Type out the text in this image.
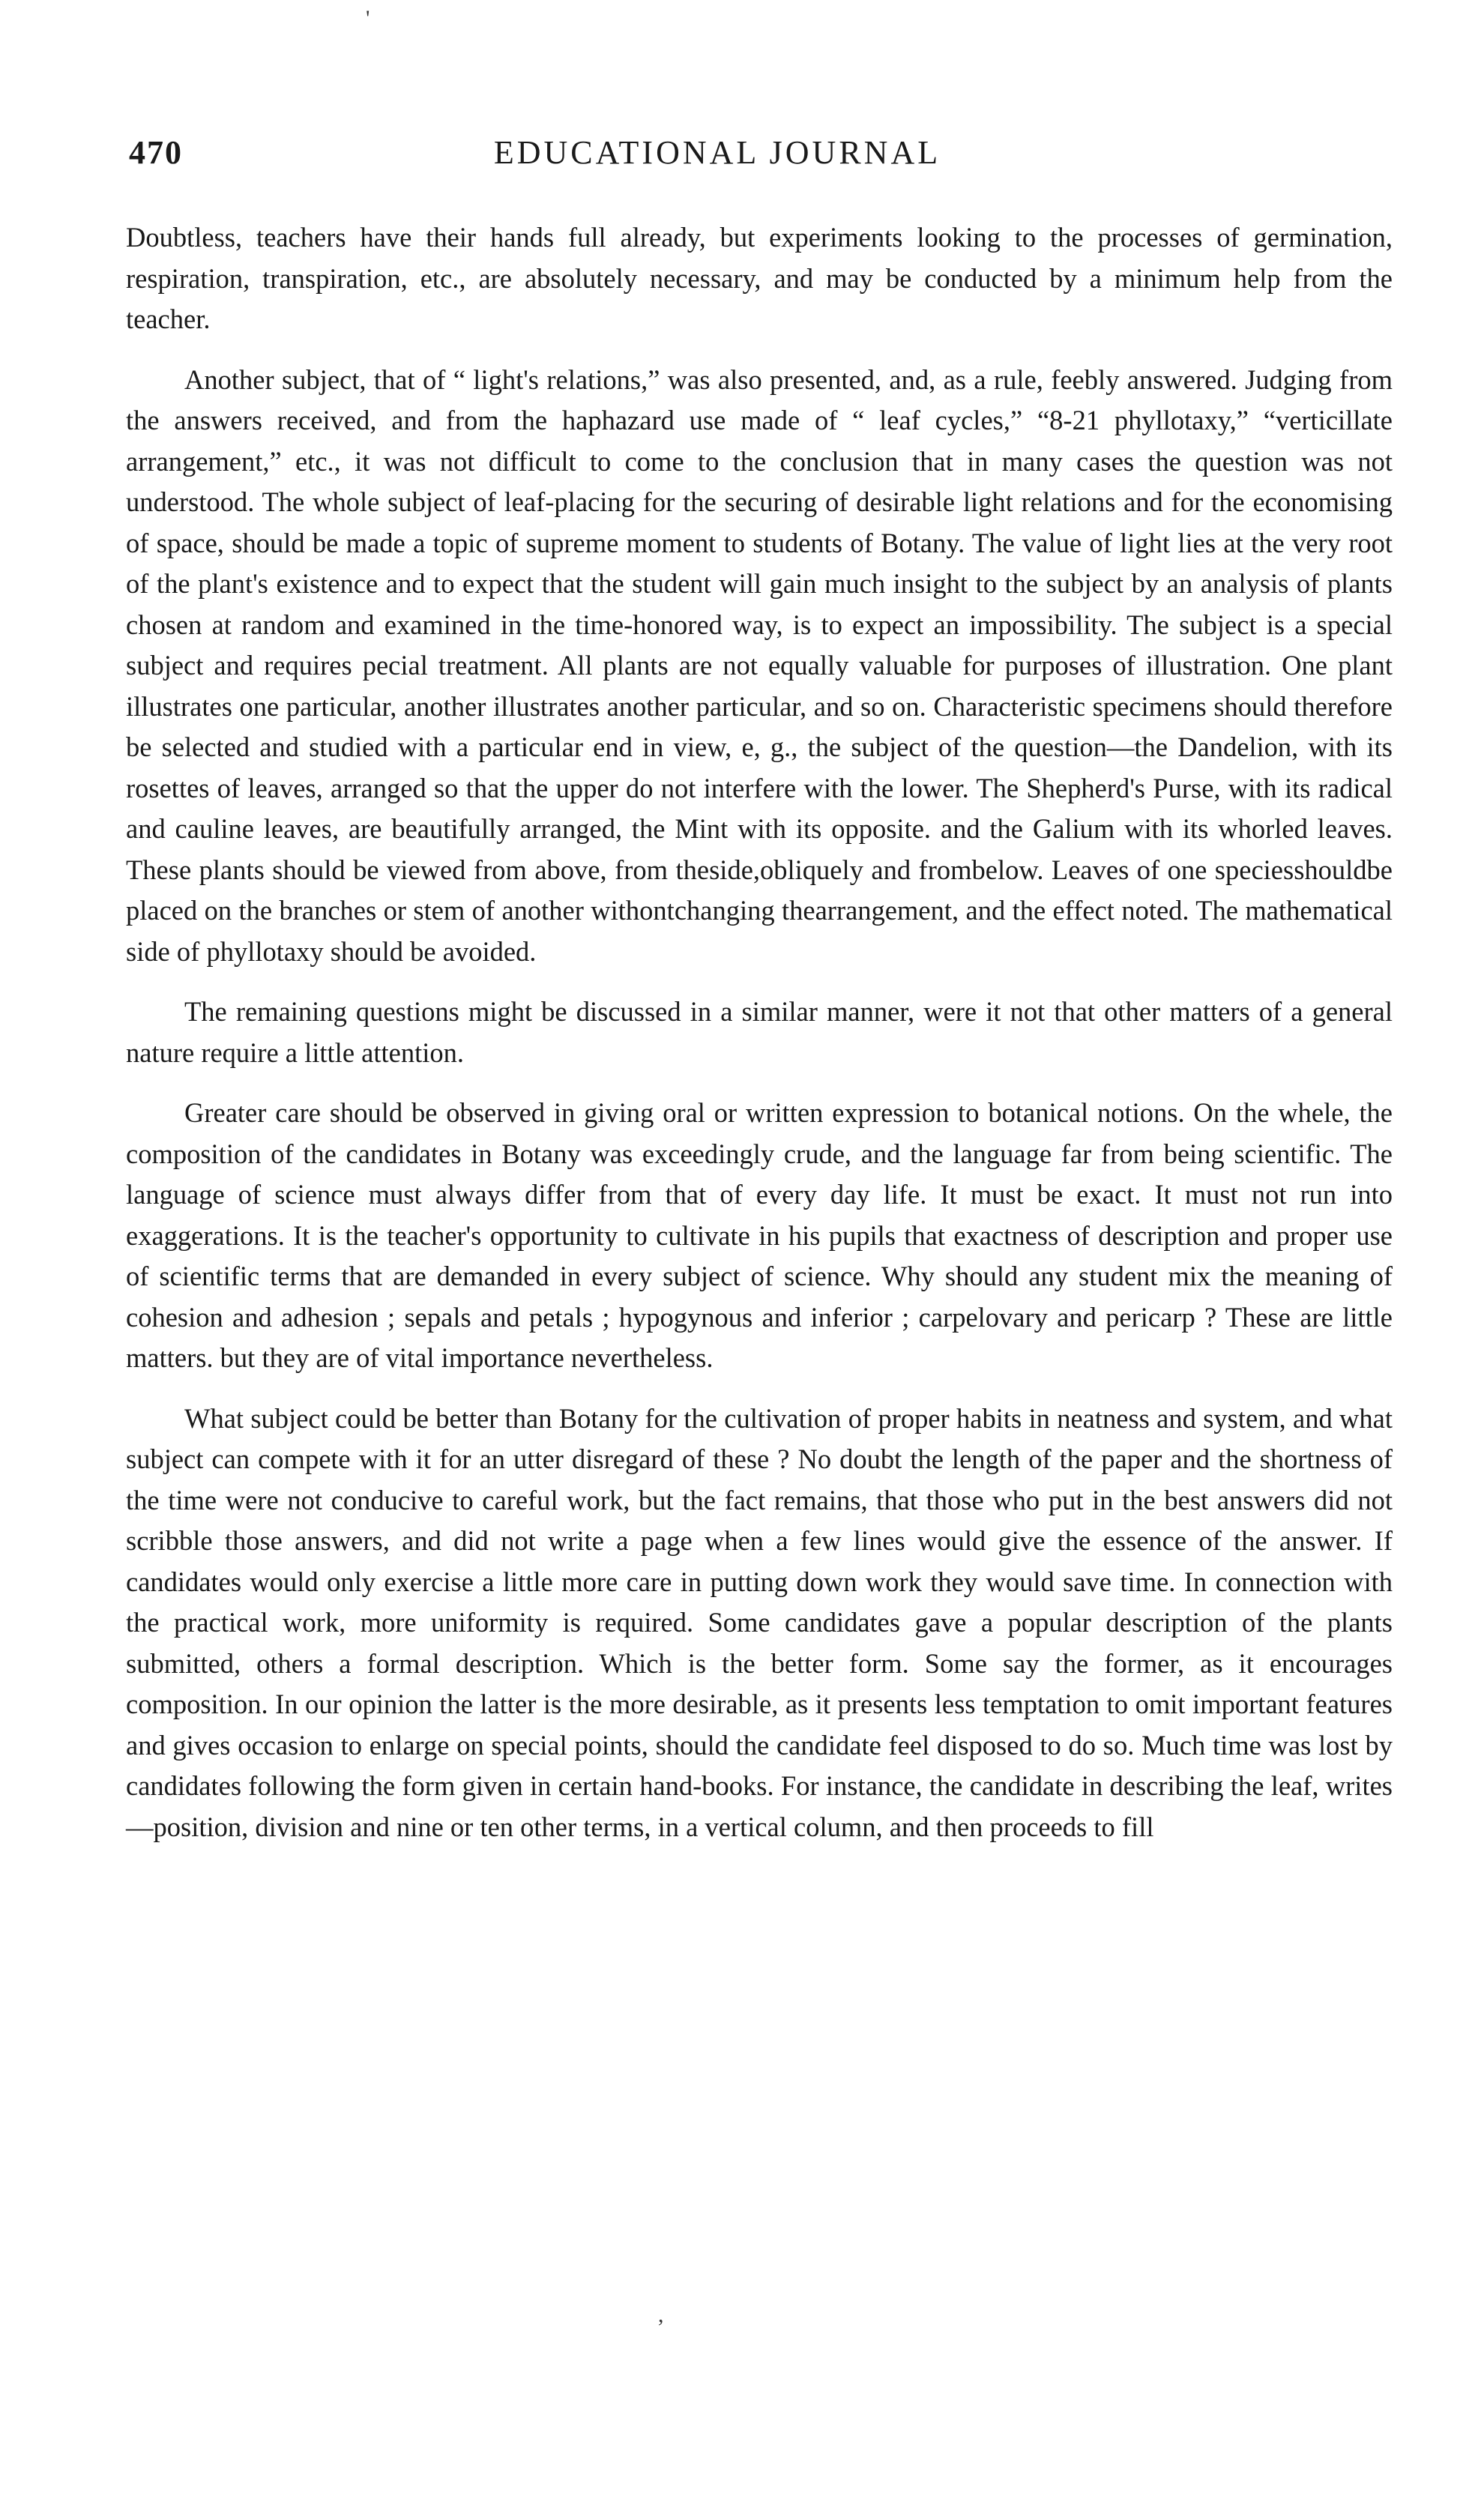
'
,
470	EDUCATIONAL JOURNAL

Doubtless, teachers have their hands full already, but experiments looking to the processes of germination, respiration, transpiration, etc., are absolutely necessary, and may be conducted by a minimum help from the teacher.

Another subject, that of “ light's relations,” was also presented, and, as a rule, feebly answered. Judging from the answers received, and from the haphazard use made of “ leaf cycles,” “8-21 phyllotaxy,” “verticillate arrangement,” etc., it was not difficult to come to the conclusion that in many cases the question was not understood. The whole subject of leaf-placing for the securing of desirable light relations and for the economising of space, should be made a topic of supreme moment to students of Botany. The value of light lies at the very root of the plant's existence and to expect that the student will gain much insight to the subject by an analysis of plants chosen at random and examined in the time-honored way, is to expect an impossibility. The subject is a special subject and requires pecial treatment. All plants are not equally valuable for purposes of illustration. One plant illustrates one particular, another illustrates another particular, and so on. Characteristic specimens should therefore be selected and studied with a particular end in view, e, g., the subject of the question—the Dandelion, with its rosettes of leaves, arranged so that the upper do not interfere with the lower. The Shepherd's Purse, with its radical and cauline leaves, are beautifully arranged, the Mint with its opposite. and the Galium with its whorled leaves. These plants should be viewed from above, from theside,obliquely and frombelow. Leaves of one speciesshouldbe placed on the branches or stem of another withontchanging thearrangement, and the effect noted. The mathematical side of phyllotaxy should be avoided.

The remaining questions might be discussed in a similar manner, were it not that other matters of a general nature require a little attention.

Greater care should be observed in giving oral or written expression to botanical notions. On the whele, the composition of the candidates in Botany was exceedingly crude, and the language far from being scientific. The language of science must always differ from that of every day life. It must be exact. It must not run into exaggerations. It is the teacher's opportunity to cultivate in his pupils that exactness of description and proper use of scientific terms that are demanded in every subject of science. Why should any student mix the meaning of cohesion and adhesion ; sepals and petals ; hypogynous and inferior ; carpelovary and pericarp ? These are little matters. but they are of vital importance nevertheless.

What subject could be better than Botany for the cultivation of proper habits in neatness and system, and what subject can compete with it for an utter disregard of these ? No doubt the length of the paper and the shortness of the time were not conducive to careful work, but the fact remains, that those who put in the best answers did not scribble those answers, and did not write a page when a few lines would give the essence of the answer. If candidates would only exercise a little more care in putting down work they would save time. In connection with the practical work, more uniformity is required. Some candidates gave a popular description of the plants submitted, others a formal description. Which is the better form. Some say the former, as it encourages composition. In our opinion the latter is the more desirable, as it presents less temptation to omit important features and gives occasion to enlarge on special points, should the candidate feel disposed to do so. Much time was lost by candidates following the form given in certain hand-books. For instance, the candidate in describing the leaf, writes—position, division and nine or ten other terms, in a vertical column, and then proceeds to fill
